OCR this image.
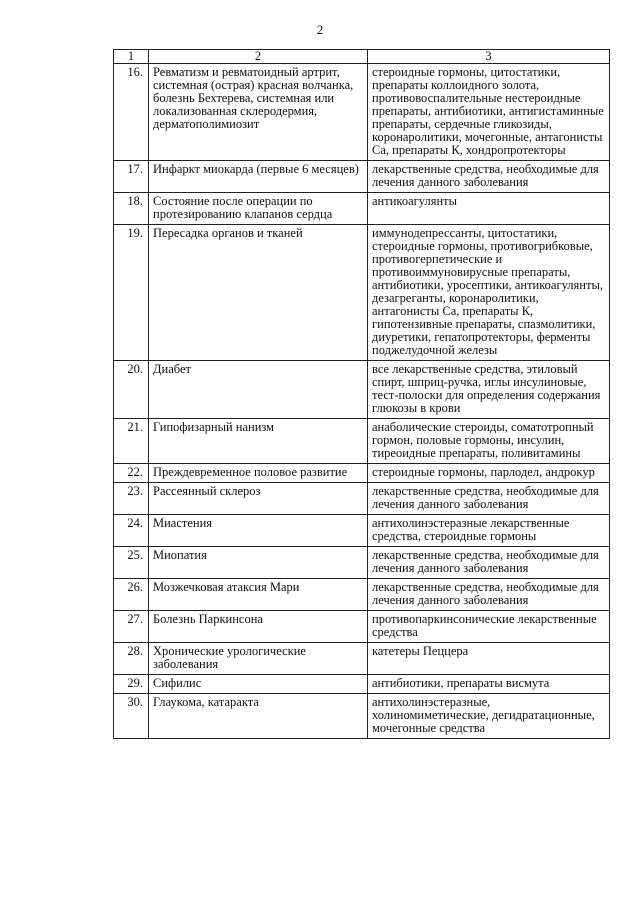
2
1	2	3
16.	Ревматизм и ревматоидный артрит, системная (острая) красная волчанка, болезнь Бехтерева, системная или локализованная склеродермия, дерматополимиозит	стероидные гормоны, цитостатики, препараты коллоидного золота, противовоспалительные нестероидные препараты, антибиотики, антигистаминные препараты, сердечные гликозиды, коронаролитики, мочегонные, антагонисты Са, препараты К, хондропротекторы
17.	Инфаркт миокарда (первые 6 месяцев)	лекарственные средства, необходимые для лечения данного заболевания
18.	Состояние после операции по протезированию клапанов сердца	антикоагулянты
19.	Пересадка органов и тканей	иммунодепрессанты, цитостатики, стероидные гормоны, противогрибковые, противогерпетические и противоиммуновирусные препараты, антибиотики, уросептики, антикоагулянты, дезагреганты, коронаролитики, антагонисты Са, препараты К, гипотензивные препараты, спазмолитики, диуретики, гепатопротекторы, ферменты поджелудочной железы
20.	Диабет	все лекарственные средства, этиловый спирт, шприц-ручка, иглы инсулиновые, тест-полоски для определения содержания глюкозы в крови
21.	Гипофизарный нанизм	анаболические стероиды, соматотропный гормон, половые гормоны, инсулин, тиреоидные препараты, поливитамины
22.	Преждевременное половое развитие	стероидные гормоны, парлодел, андрокур
23.	Рассеянный склероз	лекарственные средства, необходимые для лечения данного заболевания
24.	Миастения	антихолинэстеразные лекарственные средства, стероидные гормоны
25.	Миопатия	лекарственные средства, необходимые для лечения данного заболевания
26.	Мозжечковая атаксия Мари	лекарственные средства, необходимые для лечения данного заболевания
27.	Болезнь Паркинсона	противопаркинсонические лекарственные средства
28.	Хронические урологические заболевания	катетеры Пеццера
29.	Сифилис	антибиотики, препараты висмута
30.	Глаукома, катаракта	антихолинэстеразные, холиномиметические, дегидратационные, мочегонные средства
